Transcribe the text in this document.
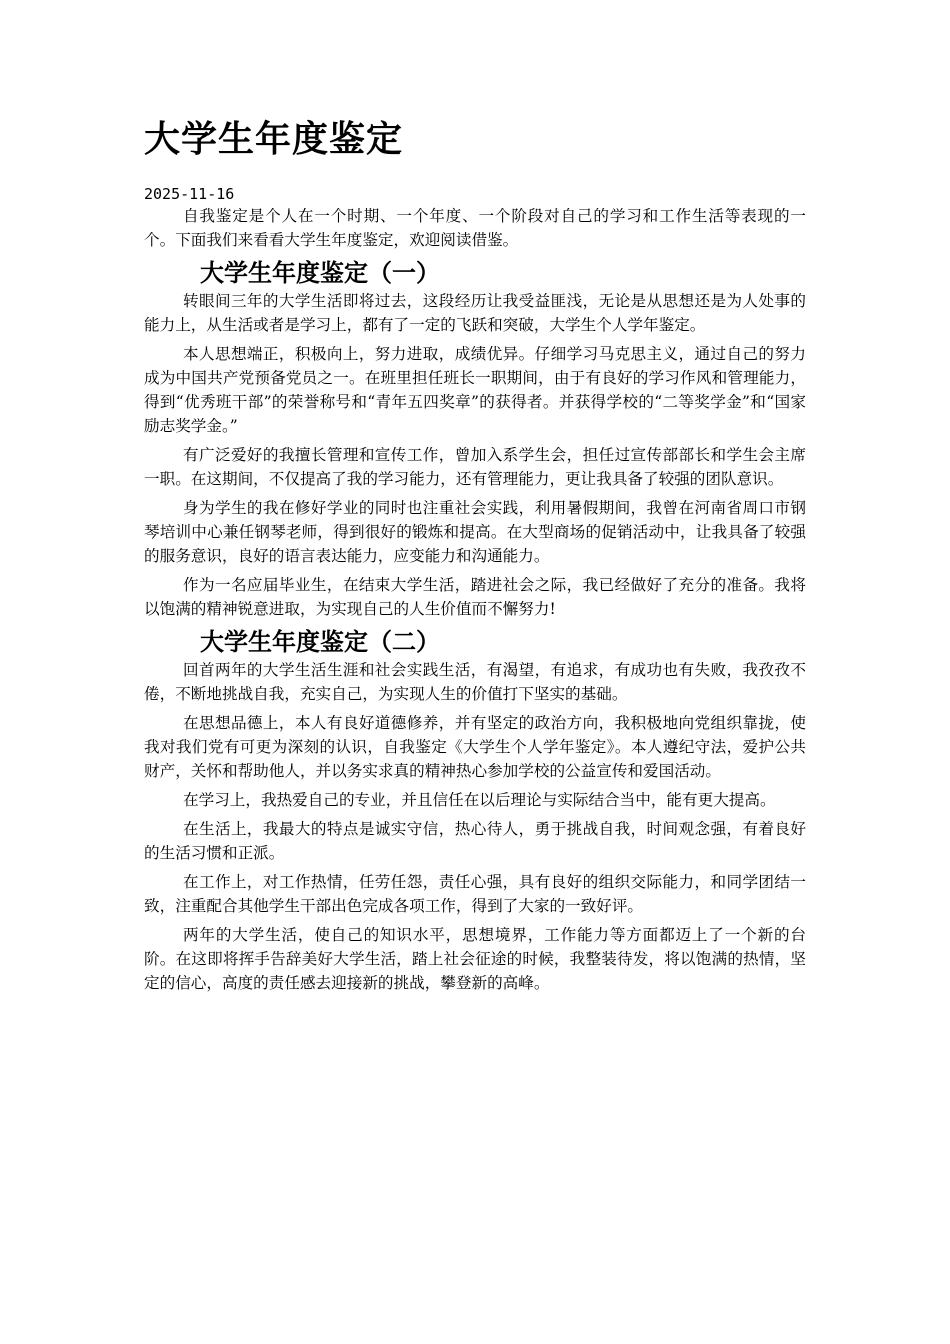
大学生年度鉴定
2025-11-16

自我鉴定是个人在一个时期、一个年度、一个阶段对自己的学习和工作生活等表现的一个。下面我们来看看大学生年度鉴定，欢迎阅读借鉴。

大学生年度鉴定（一）

转眼间三年的大学生活即将过去，这段经历让我受益匪浅，无论是从思想还是为人处事的能力上，从生活或者是学习上，都有了一定的飞跃和突破，大学生个人学年鉴定。

本人思想端正，积极向上，努力进取，成绩优异。仔细学习马克思主义，通过自己的努力成为中国共产党预备党员之一。在班里担任班长一职期间，由于有良好的学习作风和管理能力，得到“优秀班干部”的荣誉称号和“青年五四奖章”的获得者。并获得学校的“二等奖学金”和“国家励志奖学金。”

有广泛爱好的我擅长管理和宣传工作，曾加入系学生会，担任过宣传部部长和学生会主席一职。在这期间，不仅提高了我的学习能力，还有管理能力，更让我具备了较强的团队意识。

身为学生的我在修好学业的同时也注重社会实践，利用暑假期间，我曾在河南省周口市钢琴培训中心兼任钢琴老师，得到很好的锻炼和提高。在大型商场的促销活动中，让我具备了较强的服务意识，良好的语言表达能力，应变能力和沟通能力。

作为一名应届毕业生，在结束大学生活，踏进社会之际，我已经做好了充分的准备。我将以饱满的精神锐意进取，为实现自己的人生价值而不懈努力!

大学生年度鉴定（二）

回首两年的大学生活生涯和社会实践生活，有渴望，有追求，有成功也有失败，我孜孜不倦，不断地挑战自我，充实自己，为实现人生的价值打下坚实的基础。

在思想品德上，本人有良好道德修养，并有坚定的政治方向，我积极地向党组织靠拢，使我对我们党有可更为深刻的认识，自我鉴定《大学生个人学年鉴定》。本人遵纪守法，爱护公共财产，关怀和帮助他人，并以务实求真的精神热心参加学校的公益宣传和爱国活动。

在学习上，我热爱自己的专业，并且信任在以后理论与实际结合当中，能有更大提高。

在生活上，我最大的特点是诚实守信，热心待人，勇于挑战自我，时间观念强，有着良好的生活习惯和正派。

在工作上，对工作热情，任劳任怨，责任心强，具有良好的组织交际能力，和同学团结一致，注重配合其他学生干部出色完成各项工作，得到了大家的一致好评。

两年的大学生活，使自己的知识水平，思想境界，工作能力等方面都迈上了一个新的台阶。在这即将挥手告辞美好大学生活，踏上社会征途的时候，我整装待发，将以饱满的热情，坚定的信心，高度的责任感去迎接新的挑战，攀登新的高峰。
